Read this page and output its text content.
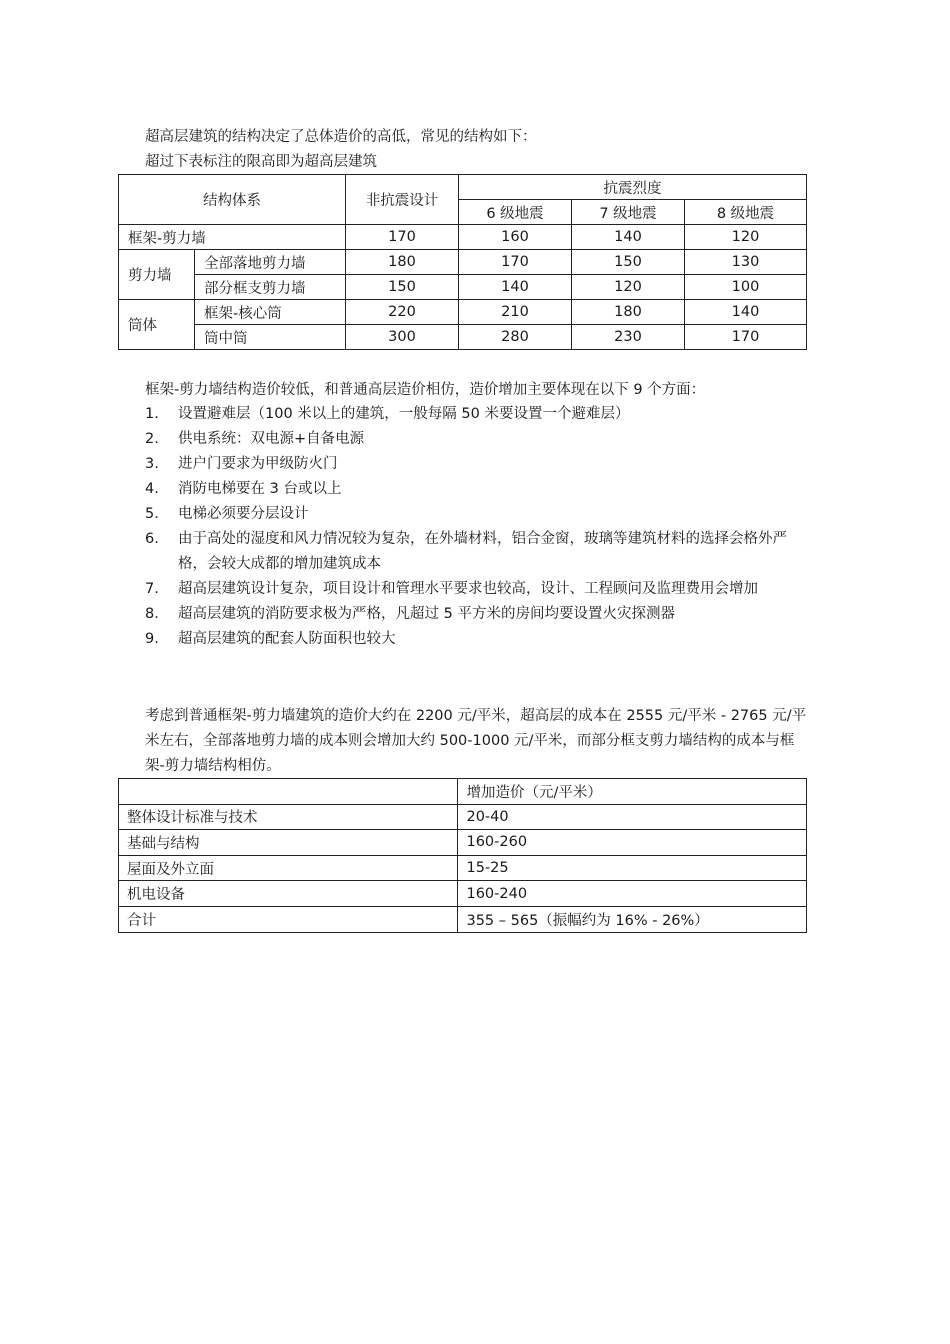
超高层建筑的结构决定了总体造价的高低，常见的结构如下：

超过下表标注的限高即为超高层建筑

结构体系		非抗震设计	抗震烈度		
			6 级地震	7 级地震	8 级地震
框架-剪力墙		170	160	140	120
剪力墙	全部落地剪力墙	180	170	150	130
	部分框支剪力墙	150	140	120	100
筒体	框架-核心筒	220	210	180	140
	筒中筒	300	280	230	170

框架-剪力墙结构造价较低，和普通高层造价相仿，造价增加主要体现在以下 9 个方面：

1. 设置避难层（100 米以上的建筑，一般每隔 50 米要设置一个避难层）
2. 供电系统：双电源+自备电源
3. 进户门要求为甲级防火门
4. 消防电梯要在 3 台或以上
5. 电梯必须要分层设计
6. 由于高处的湿度和风力情况较为复杂，在外墙材料，铝合金窗，玻璃等建筑材料的选择会格外严格，会较大成都的增加建筑成本
7. 超高层建筑设计复杂，项目设计和管理水平要求也较高，设计、工程顾问及监理费用会增加
8. 超高层建筑的消防要求极为严格，凡超过 5 平方米的房间均要设置火灾探测器
9. 超高层建筑的配套人防面积也较大

考虑到普通框架-剪力墙建筑的造价大约在 2200 元/平米，超高层的成本在 2555 元/平米 - 2765 元/平米左右，全部落地剪力墙的成本则会增加大约 500-1000 元/平米，而部分框支剪力墙结构的成本与框架-剪力墙结构相仿。

	增加造价（元/平米）
整体设计标准与技术	20-40
基础与结构	160-260
屋面及外立面	15-25
机电设备	160-240
合计	355 – 565（振幅约为 16% - 26%）
